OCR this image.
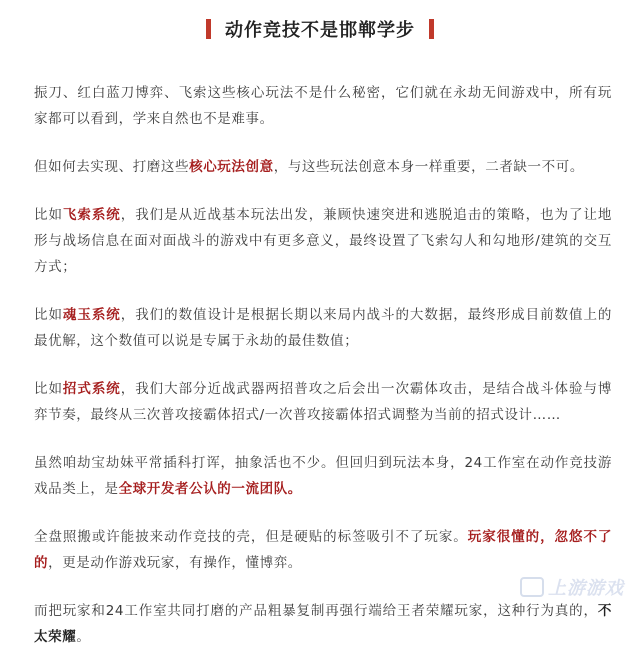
动作竞技不是邯郸学步

振刀、红白蓝刀博弈、飞索这些核心玩法不是什么秘密，它们就在永劫无间游戏中，所有玩家都可以看到，学来自然也不是难事。

但如何去实现、打磨这些核心玩法创意，与这些玩法创意本身一样重要，二者缺一不可。

比如飞索系统，我们是从近战基本玩法出发，兼顾快速突进和逃脱追击的策略，也为了让地形与战场信息在面对面战斗的游戏中有更多意义，最终设置了飞索勾人和勾地形/建筑的交互方式；

比如魂玉系统，我们的数值设计是根据长期以来局内战斗的大数据，最终形成目前数值上的最优解，这个数值可以说是专属于永劫的最佳数值；

比如招式系统，我们大部分近战武器两招普攻之后会出一次霸体攻击，是结合战斗体验与博弈节奏，最终从三次普攻接霸体招式/一次普攻接霸体招式调整为当前的招式设计……

虽然咱劫宝劫妹平常插科打诨，抽象活也不少。但回归到玩法本身，24工作室在动作竞技游戏品类上，是全球开发者公认的一流团队。

全盘照搬或许能披来动作竞技的壳，但是硬贴的标签吸引不了玩家。玩家很懂的，忽悠不了的，更是动作游戏玩家，有操作，懂博弈。

而把玩家和24工作室共同打磨的产品粗暴复制再强行端给王者荣耀玩家，这种行为真的，不太荣耀。

上游游戏
